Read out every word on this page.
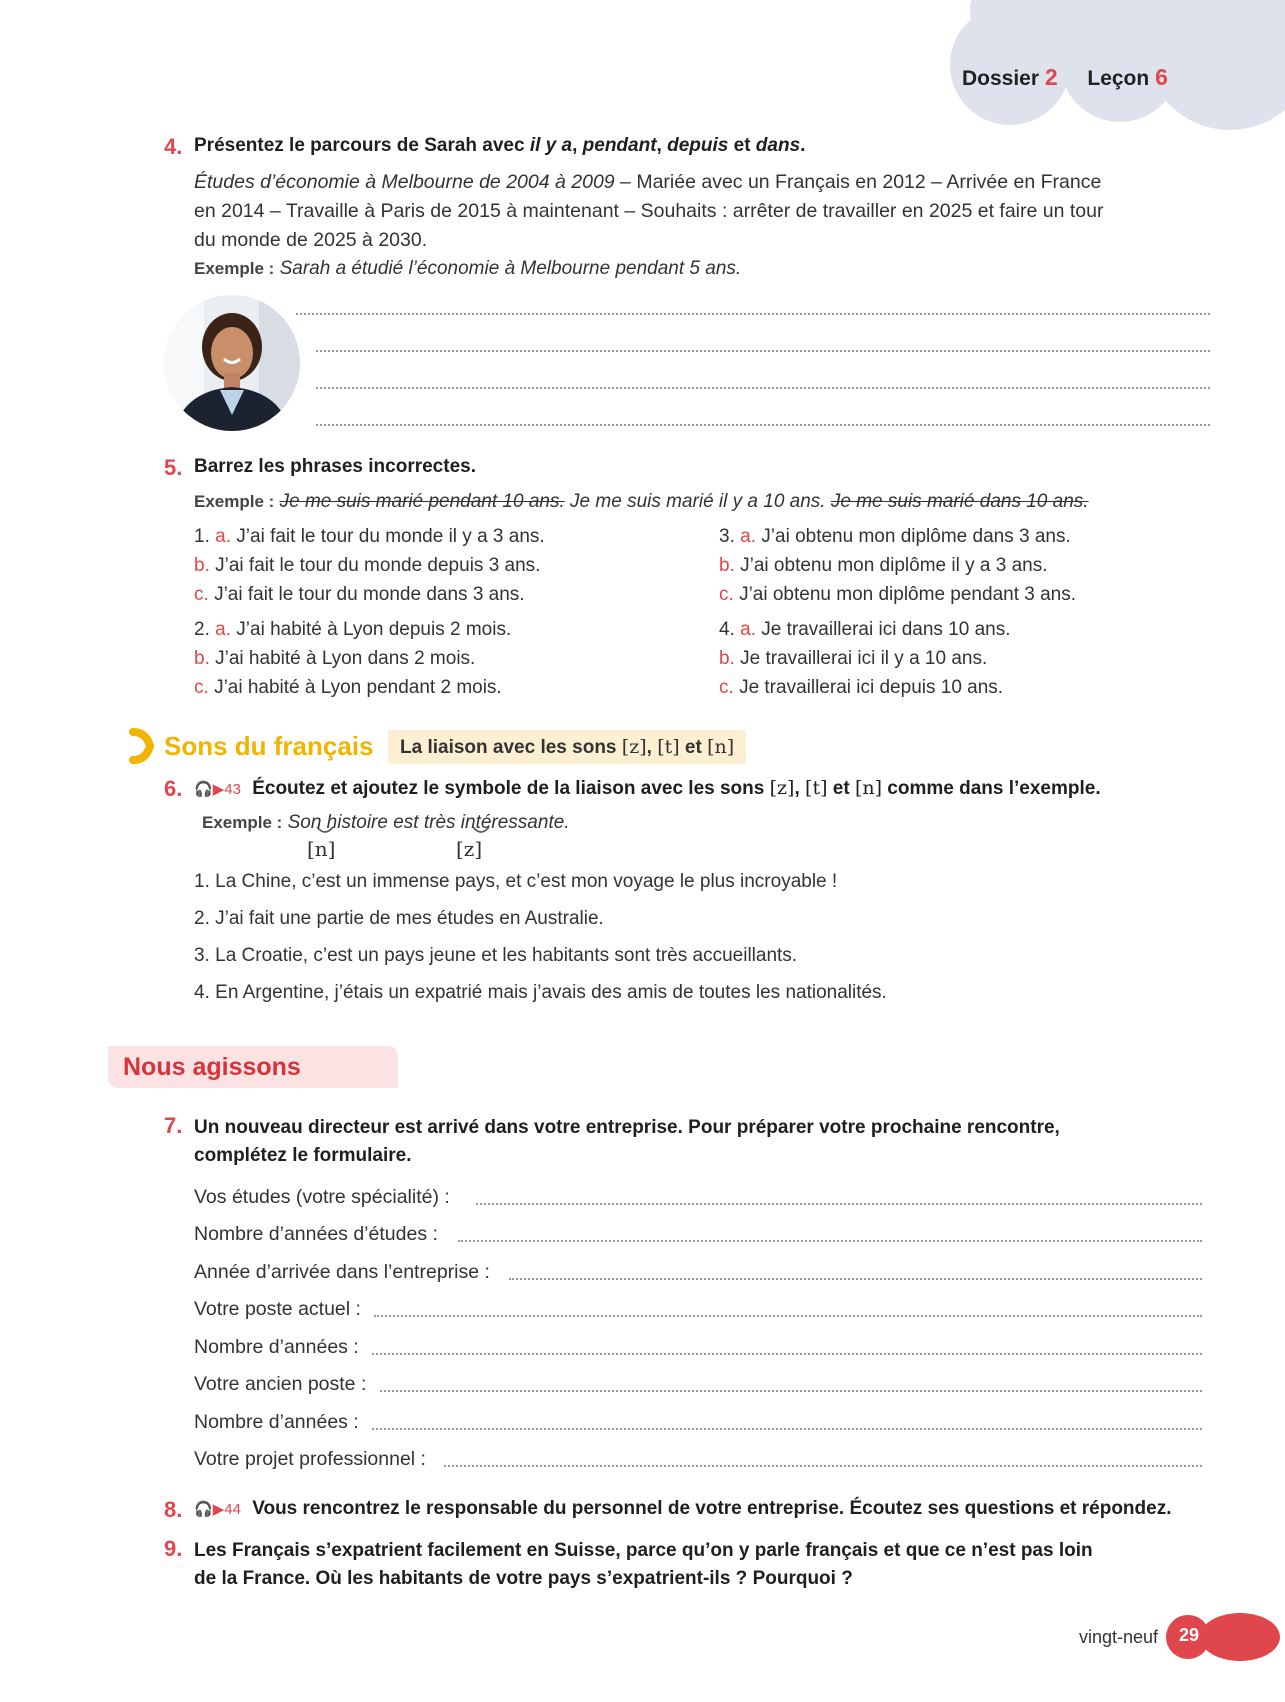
Dossier 2 Leçon 6
4. Présentez le parcours de Sarah avec il y a, pendant, depuis et dans.
Études d’économie à Melbourne de 2004 à 2009 – Mariée avec un Français en 2012 – Arrivée en France
en 2014 – Travaille à Paris de 2015 à maintenant – Souhaits : arrêter de travailler en 2025 et faire un tour
du monde de 2025 à 2030.
Exemple : Sarah a étudié l’économie à Melbourne pendant 5 ans.
5. Barrez les phrases incorrectes.
Exemple : Je me suis marié pendant 10 ans. Je me suis marié il y a 10 ans. Je me suis marié dans 10 ans.
1. a. J’ai fait le tour du monde il y a 3 ans.
b. J’ai fait le tour du monde depuis 3 ans.
c. J’ai fait le tour du monde dans 3 ans.
2. a. J’ai habité à Lyon depuis 2 mois.
b. J’ai habité à Lyon dans 2 mois.
c. J’ai habité à Lyon pendant 2 mois.
3. a. J’ai obtenu mon diplôme dans 3 ans.
b. J’ai obtenu mon diplôme il y a 3 ans.
c. J’ai obtenu mon diplôme pendant 3 ans.
4. a. Je travaillerai ici dans 10 ans.
b. Je travaillerai ici il y a 10 ans.
c. Je travaillerai ici depuis 10 ans.
Sons du français	La liaison avec les sons [z], [t] et [n]
6. 🎧▶43 Écoutez et ajoutez le symbole de la liaison avec les sons [z], [t] et [n] comme dans l’exemple.
Exemple : Son histoire est très intéressante.
[n]	[z]
1. La Chine, c’est un immense pays, et c’est mon voyage le plus incroyable !
2. J’ai fait une partie de mes études en Australie.
3. La Croatie, c’est un pays jeune et les habitants sont très accueillants.
4. En Argentine, j’étais un expatrié mais j’avais des amis de toutes les nationalités.
Nous agissons
7. Un nouveau directeur est arrivé dans votre entreprise. Pour préparer votre prochaine rencontre,
complétez le formulaire.
Vos études (votre spécialité) :
Nombre d’années d’études :
Année d’arrivée dans l’entreprise :
Votre poste actuel :
Nombre d’années :
Votre ancien poste :
Nombre d’années :
Votre projet professionnel :
8. 🎧▶44 Vous rencontrez le responsable du personnel de votre entreprise. Écoutez ses questions et répondez.
9. Les Français s’expatrient facilement en Suisse, parce qu’on y parle français et que ce n’est pas loin
de la France. Où les habitants de votre pays s’expatrient-ils ? Pourquoi ?
vingt-neuf	29
